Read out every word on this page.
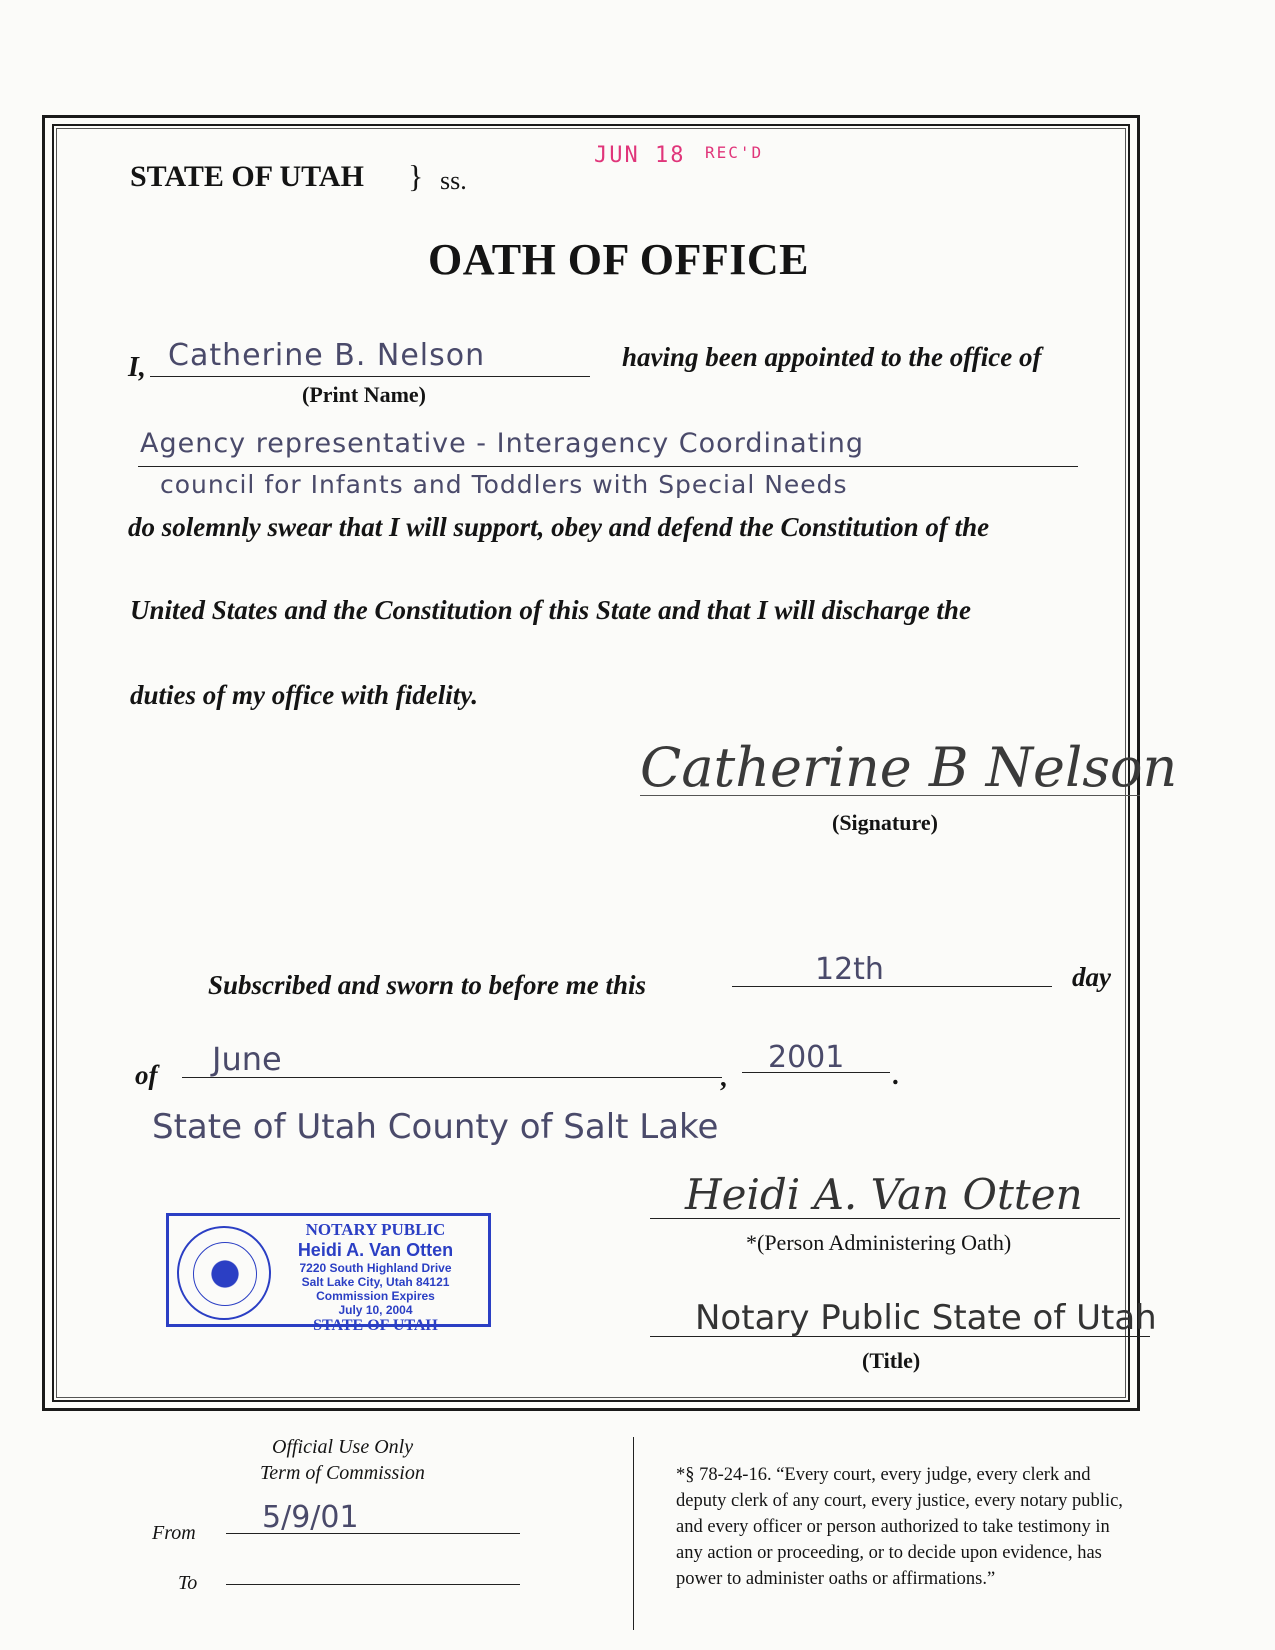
STATE OF UTAH } ss.
JUN 18 REC'D
OATH OF OFFICE
I, Catherine B. Nelson
(Print Name)
having been appointed to the office of
Agency representative - Interagency Coordinating
council for Infants and Toddlers with Special Needs
do solemnly swear that I will support, obey and defend the Constitution of the
United States and the Constitution of this State and that I will discharge the
duties of my office with fidelity.
Catherine B Nelson
(Signature)
Subscribed and sworn to before me this	12th	day
of June	,
2001 .
State of Utah County of Salt Lake
Heidi A. Van Otten
*(Person Administering Oath)
Notary Public State of Utah
(Title)
NOTARY PUBLIC
Heidi A. Van Otten
7220 South Highland Drive
Salt Lake City, Utah 84121
Commission Expires
July 10, 2004
STATE OF UTAH
Official Use Only
Term of Commission
From 5/9/01
To
*§ 78-24-16. “Every court, every judge, every clerk and
deputy clerk of any court, every justice, every notary public,
and every officer or person authorized to take testimony in
any action or proceeding, or to decide upon evidence, has
power to administer oaths or affirmations.”
